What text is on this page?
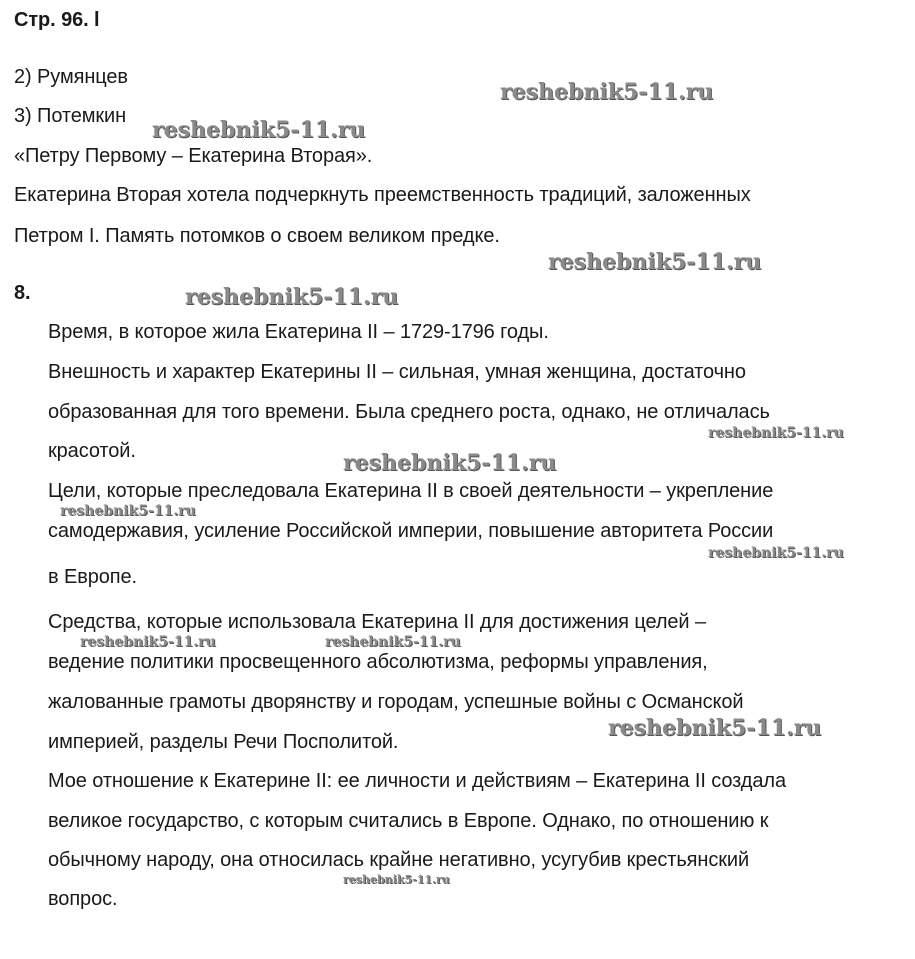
Стр. 96. l
2) Румянцев
3) Потемкин
«Петру Первому – Екатерина Вторая».
Екатерина Вторая хотела подчеркнуть преемственность традиций, заложенных
Петром I. Память потомков о своем великом предке.
8.
Время, в которое жила Екатерина II – 1729-1796 годы.
Внешность и характер Екатерины II – сильная, умная женщина, достаточно
образованная для того времени. Была среднего роста, однако, не отличалась
красотой.
Цели, которые преследовала Екатерина II в своей деятельности – укрепление
самодержавия, усиление Российской империи, повышение авторитета России
в Европе.
Средства, которые использовала Екатерина II для достижения целей –
ведение политики просвещенного абсолютизма, реформы управления,
жалованные грамоты дворянству и городам, успешные войны с Османской
империей, разделы Речи Посполитой.
Мое отношение к Екатерине II: ее личности и действиям – Екатерина II создала
великое государство, с которым считались в Европе. Однако, по отношению к
обычному народу, она относилась крайне негативно, усугубив крестьянский
вопрос.
reshebnik5-11.ru
reshebnik5-11.ru
reshebnik5-11.ru
reshebnik5-11.ru
reshebnik5-11.ru
reshebnik5-11.ru
reshebnik5-11.ru
reshebnik5-11.ru
reshebnik5-11.ru	reshebnik5-11.ru
reshebnik5-11.ru
reshebnik5-11.ru
